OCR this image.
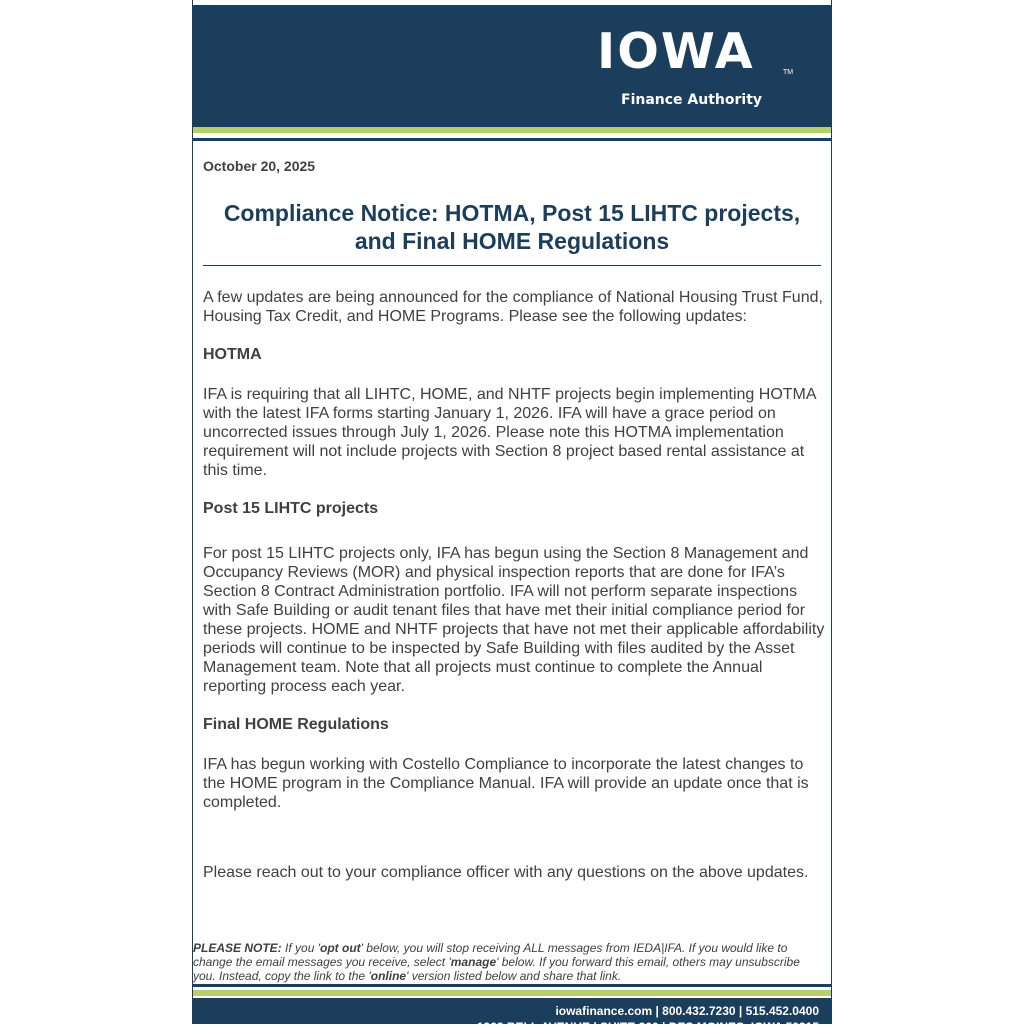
IOWA	TM
Finance Authority
October 20, 2025
Compliance Notice: HOTMA, Post 15 LIHTC projects, and Final HOME Regulations

A few updates are being announced for the compliance of National Housing Trust Fund, Housing Tax Credit, and HOME Programs. Please see the following updates:

HOTMA

IFA is requiring that all LIHTC, HOME, and NHTF projects begin implementing HOTMA with the latest IFA forms starting January 1, 2026. IFA will have a grace period on uncorrected issues through July 1, 2026. Please note this HOTMA implementation requirement will not include projects with Section 8 project based rental assistance at this time.

Post 15 LIHTC projects

For post 15 LIHTC projects only, IFA has begun using the Section 8 Management and Occupancy Reviews (MOR) and physical inspection reports that are done for IFA’s Section 8 Contract Administration portfolio. IFA will not perform separate inspections with Safe Building or audit tenant files that have met their initial compliance period for these projects. HOME and NHTF projects that have not met their applicable affordability periods will continue to be inspected by Safe Building with files audited by the Asset Management team. Note that all projects must continue to complete the Annual reporting process each year.

Final HOME Regulations

IFA has begun working with Costello Compliance to incorporate the latest changes to the HOME program in the Compliance Manual. IFA will provide an update once that is completed.

Please reach out to your compliance officer with any questions on the above updates.

PLEASE NOTE: If you 'opt out' below, you will stop receiving ALL messages from IEDA|IFA. If you would like to change the email messages you receive, select 'manage' below. If you forward this email, others may unsubscribe you. Instead, copy the link to the 'online' version listed below and share that link.
iowafinance.com | 800.432.7230 | 515.452.0400
1963 BELL AVENUE | SUITE 200 | DES MOINES, IOWA 50315
